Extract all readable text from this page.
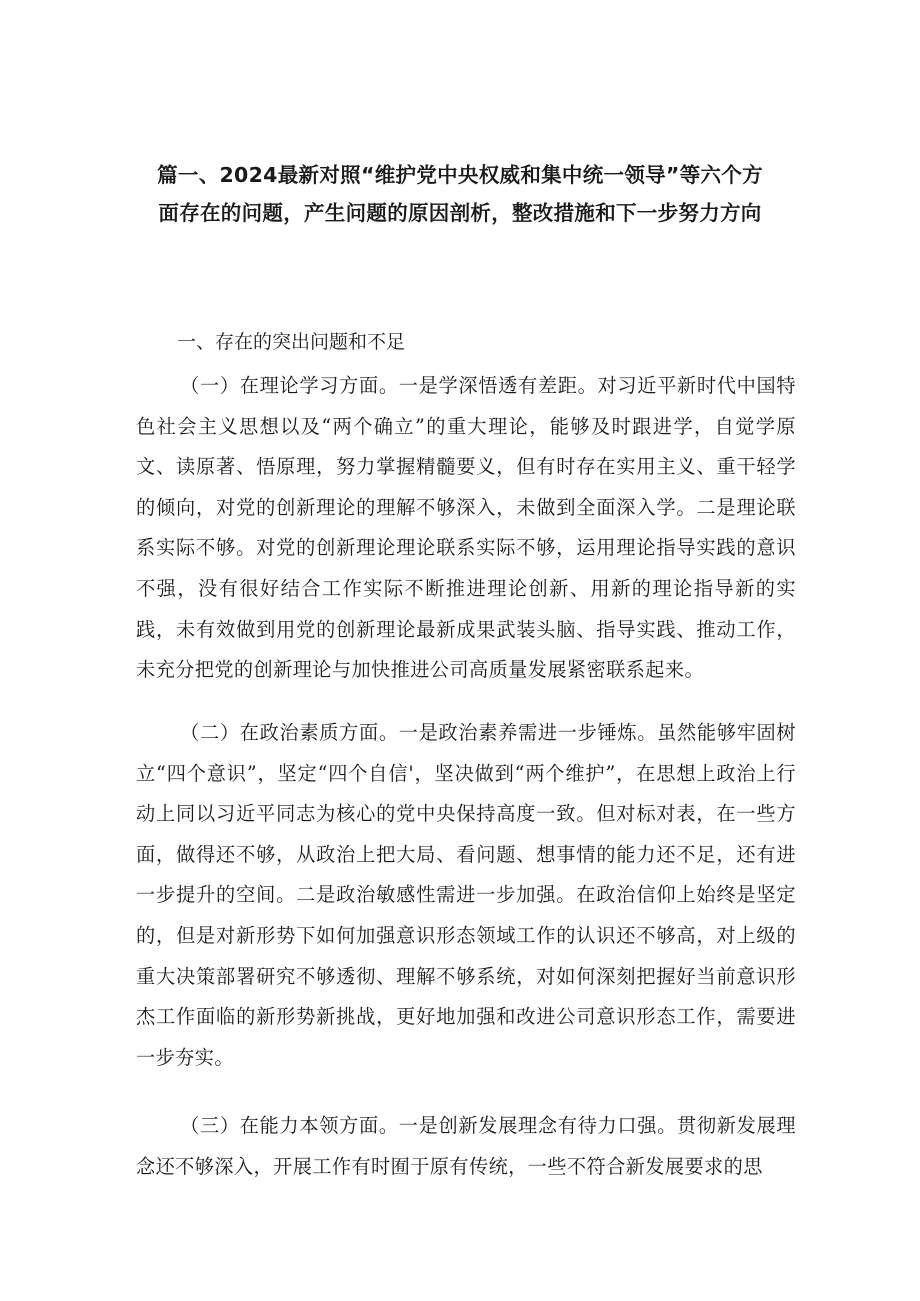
篇一、2024最新对照“维护党中央权威和集中统一领导”等六个方
面存在的问题，产生问题的原因剖析，整改措施和下一步努力方向
一、存在的突出问题和不足
（一）在理论学习方面。一是学深悟透有差距。对习近平新时代中国特色社会主义思想以及“两个确立”的重大理论，能够及时跟进学，自觉学原文、读原著、悟原理，努力掌握精髓要义，但有时存在实用主义、重干轻学的倾向，对党的创新理论的理解不够深入，未做到全面深入学。二是理论联系实际不够。对党的创新理论理论联系实际不够，运用理论指导实践的意识不强，没有很好结合工作实际不断推进理论创新、用新的理论指导新的实践，未有效做到用党的创新理论最新成果武装头脑、指导实践、推动工作，未充分把党的创新理论与加快推进公司高质量发展紧密联系起来。
（二）在政治素质方面。一是政治素养需进一步锤炼。虽然能够牢固树立“四个意识”，坚定“四个自信'，坚决做到“两个维护”，在思想上政治上行动上同以习近平同志为核心的党中央保持高度一致。但对标对表，在一些方面，做得还不够，从政治上把大局、看问题、想事情的能力还不足，还有进一步提升的空间。二是政治敏感性需进一步加强。在政治信仰上始终是坚定的，但是对新形势下如何加强意识形态领域工作的认识还不够高，对上级的重大决策部署研究不够透彻、理解不够系统，对如何深刻把握好当前意识形杰工作面临的新形势新挑战，更好地加强和改进公司意识形态工作，需要进一步夯实。
（三）在能力本领方面。一是创新发展理念有待力口强。贯彻新发展理念还不够深入，开展工作有时囿于原有传统，一些不符合新发展要求的思
